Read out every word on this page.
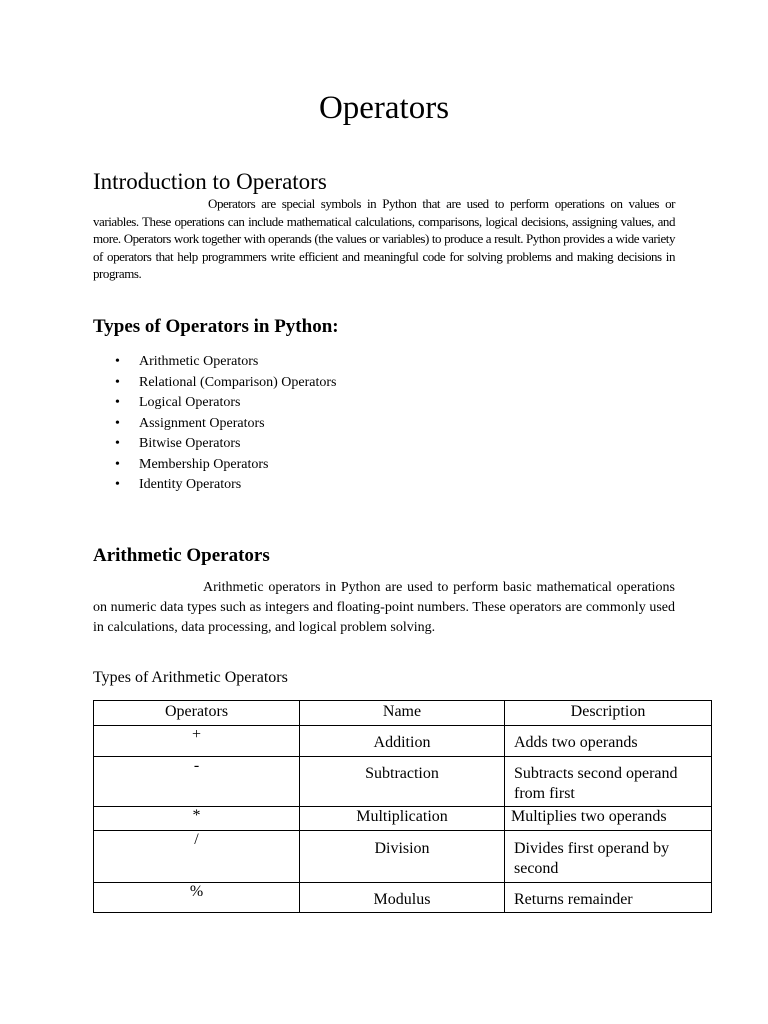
Operators
Introduction to Operators

Operators are special symbols in Python that are used to perform operations on values or variables. These operations can include mathematical calculations, comparisons, logical decisions, assigning values, and more. Operators work together with operands (the values or variables) to produce a result. Python provides a wide variety of operators that help programmers write efficient and meaningful code for solving problems and making decisions in programs.

Types of Operators in Python:
• Arithmetic Operators
• Relational (Comparison) Operators
• Logical Operators
• Assignment Operators
• Bitwise Operators
• Membership Operators
• Identity Operators
Arithmetic Operators

Arithmetic operators in Python are used to perform basic mathematical operations on numeric data types such as integers and floating-point numbers. These operators are commonly used in calculations, data processing, and logical problem solving.

Types of Arithmetic Operators

Operators	Name	Description
+	Addition	Adds two operands
-	Subtraction	Subtracts second operand from first
*	Multiplication	Multiplies two operands
/	Division	Divides first operand by second
%	Modulus	Returns remainder
